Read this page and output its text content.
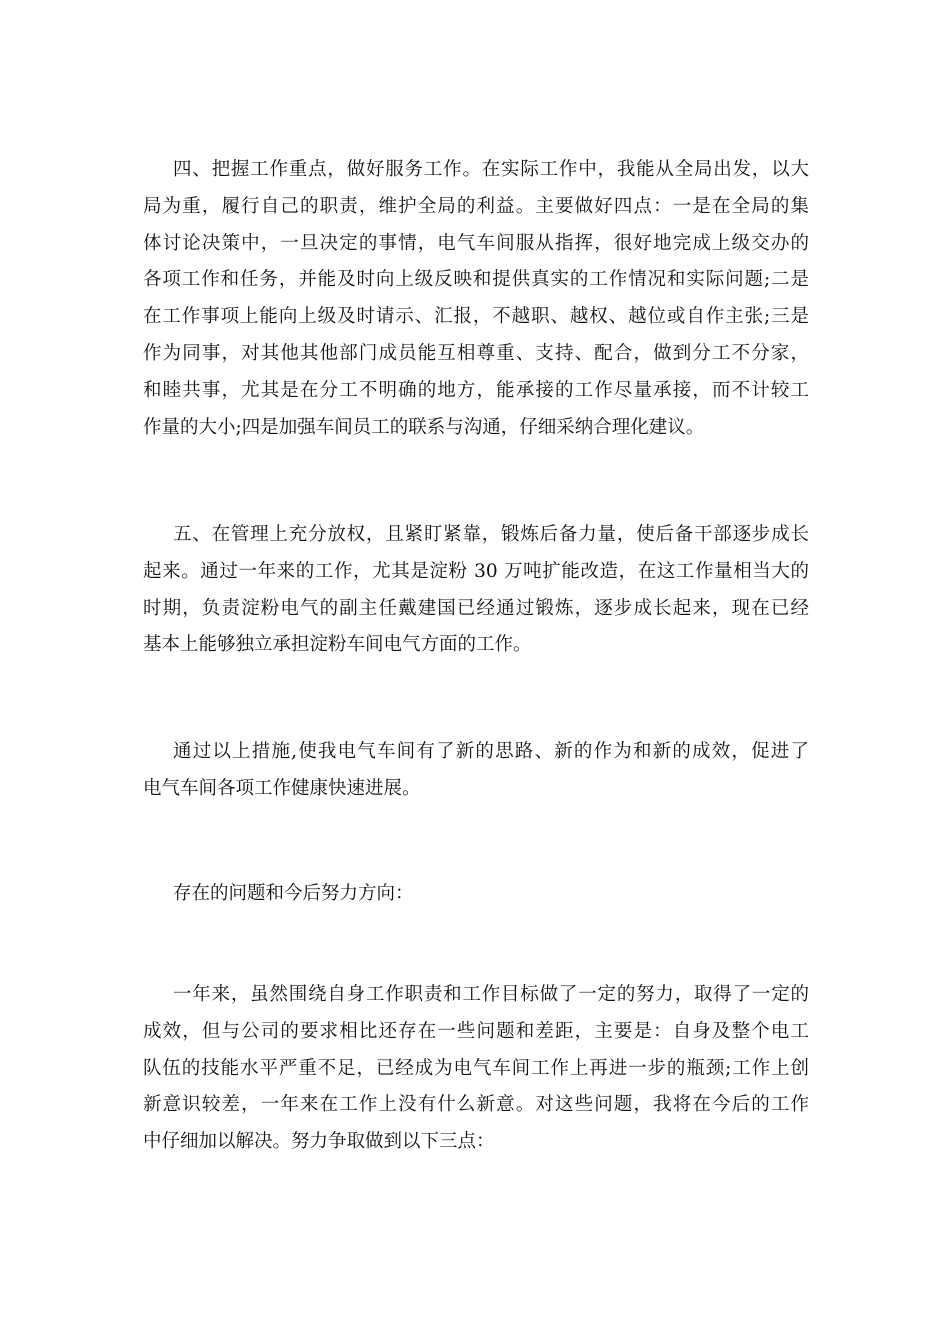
四、把握工作重点，做好服务工作。在实际工作中，我能从全局出发，以大
局为重，履行自己的职责，维护全局的利益。主要做好四点：一是在全局的集
体讨论决策中，一旦决定的事情，电气车间服从指挥，很好地完成上级交办的
各项工作和任务，并能及时向上级反映和提供真实的工作情况和实际问题;二是
在工作事项上能向上级及时请示、汇报，不越职、越权、越位或自作主张;三是
作为同事，对其他其他部门成员能互相尊重、支持、配合，做到分工不分家，
和睦共事，尤其是在分工不明确的地方，能承接的工作尽量承接，而不计较工
作量的大小;四是加强车间员工的联系与沟通，仔细采纳合理化建议。
五、在管理上充分放权，且紧盯紧靠，锻炼后备力量，使后备干部逐步成长
起来。通过一年来的工作，尤其是淀粉 30 万吨扩能改造，在这工作量相当大的
时期，负责淀粉电气的副主任戴建国已经通过锻炼，逐步成长起来，现在已经
基本上能够独立承担淀粉车间电气方面的工作。
通过以上措施,使我电气车间有了新的思路、新的作为和新的成效，促进了
电气车间各项工作健康快速进展。
存在的问题和今后努力方向：
一年来，虽然围绕自身工作职责和工作目标做了一定的努力，取得了一定的
成效，但与公司的要求相比还存在一些问题和差距，主要是：自身及整个电工
队伍的技能水平严重不足，已经成为电气车间工作上再进一步的瓶颈;工作上创
新意识较差，一年来在工作上没有什么新意。对这些问题，我将在今后的工作
中仔细加以解决。努力争取做到以下三点：
